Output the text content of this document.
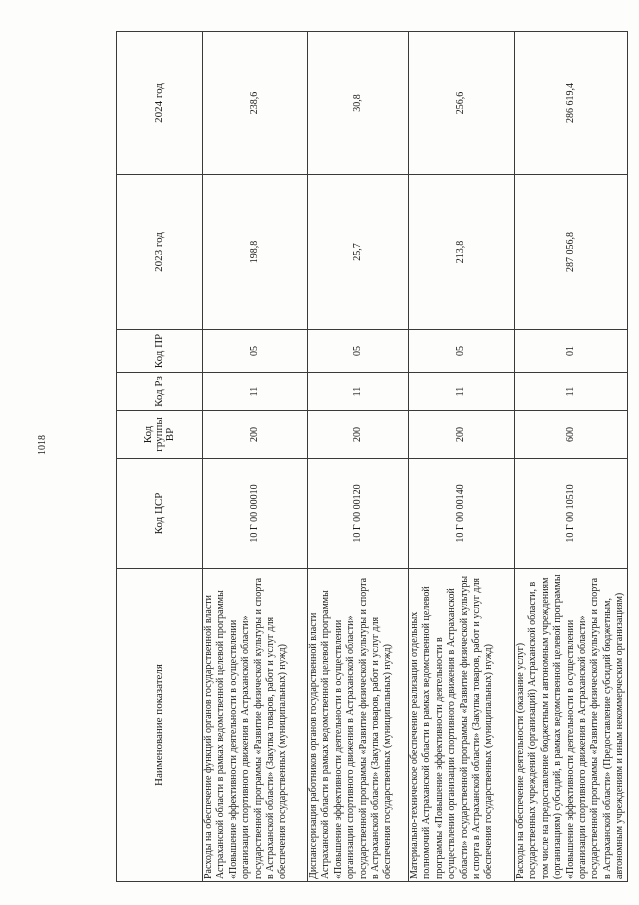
1018
Наименование показателя	Код ЦСР	Код группы ВР	Код Рз	Код ПР	2023 год	2024 год
Расходы на обеспечение функций органов государственной власти Астраханской области в рамках ведомственной целевой программы «Повышение эффективности деятельности в осуществлении организации спортивного движения в Астраханской области» государственной программы «Развитие физической культуры и спорта в Астраханской области» (Закупка товаров, работ и услуг для обеспечения государственных (муниципальных) нужд)	10 Г 00 00010	200	11	05	198,8	238,6
Диспансеризация работников органов государственной власти Астраханской области в рамках ведомственной целевой программы «Повышение эффективности деятельности в осуществлении организации спортивного движения в Астраханской области» государственной программы «Развитие физической культуры и спорта в Астраханской области» (Закупка товаров, работ и услуг для обеспечения государственных (муниципальных) нужд)	10 Г 00 00120	200	11	05	25,7	30,8
Материально-техническое обеспечение реализации отдельных полномочий Астраханской области в рамках ведомственной целевой программы «Повышение эффективности деятельности в осуществлении организации спортивного движения в Астраханской области» государственной программы «Развитие физической культуры и спорта в Астраханской области» (Закупка товаров, работ и услуг для обеспечения государственных (муниципальных) нужд)	10 Г 00 00140	200	11	05	213,8	256,6
Расходы на обеспечение деятельности (оказание услуг) государственных учреждений (организаций) Астраханской области, в том числе на предоставление бюджетным и автономным учреждениям (организациям) субсидий, в рамках ведомственной целевой программы «Повышение эффективности деятельности в осуществлении организации спортивного движения в Астраханской области» государственной программы «Развитие физической культуры и спорта в Астраханской области» (Предоставление субсидий бюджетным, автономным учреждениям и иным некоммерческим организациям)	10 Г 00 10510	600	11	01	287 056,8	286 619,4
